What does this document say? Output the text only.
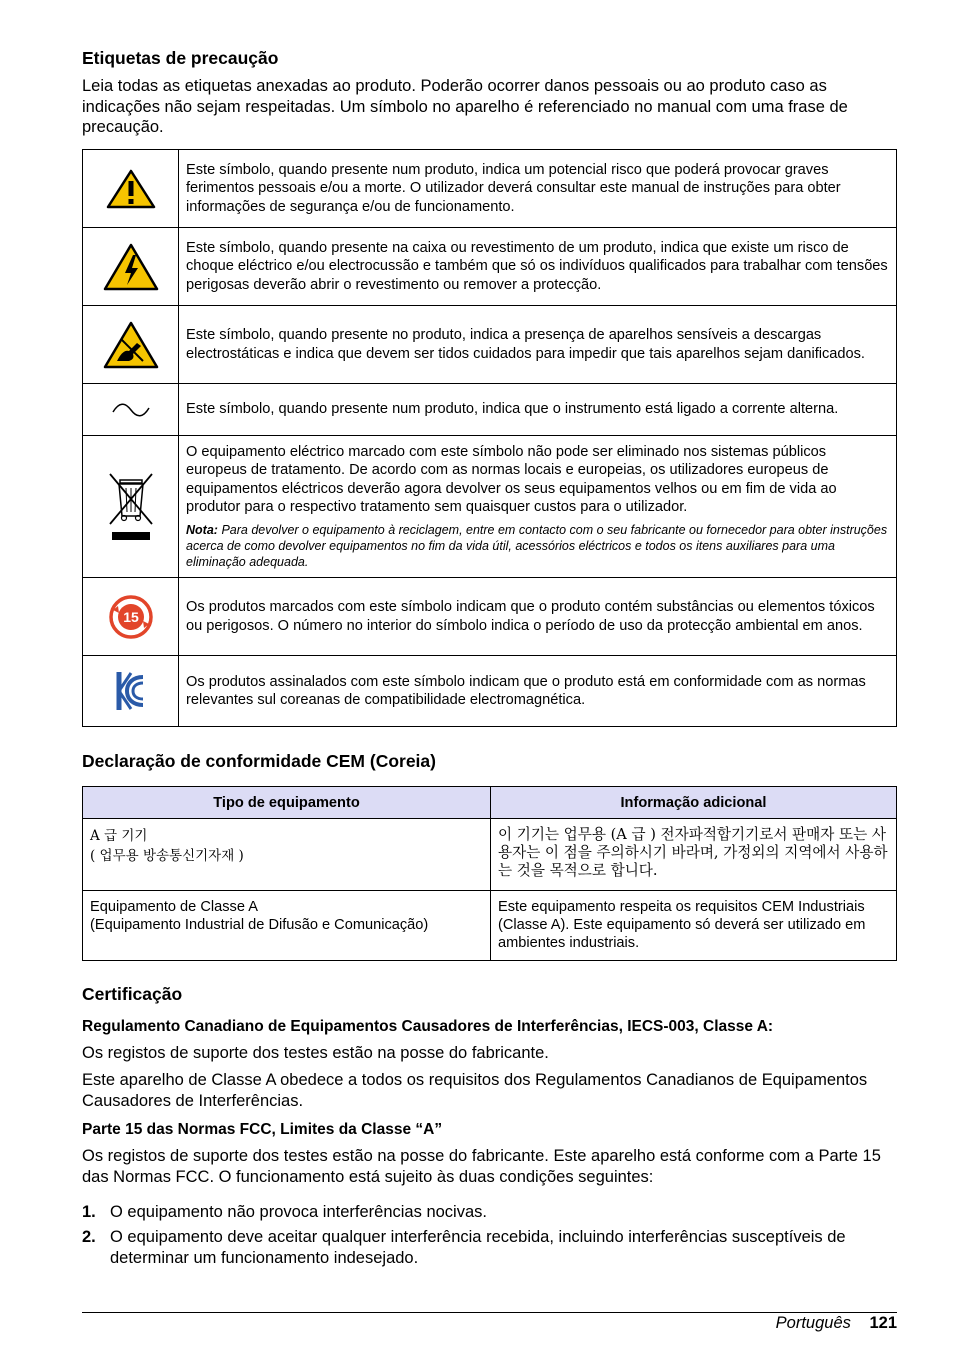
Etiquetas de precaução

Leia todas as etiquetas anexadas ao produto. Poderão ocorrer danos pessoais ou ao produto caso as indicações não sejam respeitadas. Um símbolo no aparelho é referenciado no manual com uma frase de precaução.

	Este símbolo, quando presente num produto, indica um potencial risco que poderá provocar graves ferimentos pessoais e/ou a morte. O utilizador deverá consultar este manual de instruções para obter informações de segurança e/ou de funcionamento.

	Este símbolo, quando presente na caixa ou revestimento de um produto, indica que existe um risco de choque eléctrico e/ou electrocussão e também que só os indivíduos qualificados para trabalhar com tensões perigosas deverão abrir o revestimento ou remover a protecção.

	Este símbolo, quando presente no produto, indica a presença de aparelhos sensíveis a descargas electrostáticas e indica que devem ser tidos cuidados para impedir que tais aparelhos sejam danificados.

	Este símbolo, quando presente num produto, indica que o instrumento está ligado a corrente alterna.

O equipamento eléctrico marcado com este símbolo não pode ser eliminado nos sistemas públicos europeus de tratamento. De acordo com as normas locais e europeias, os utilizadores europeus de equipamentos eléctricos deverão agora devolver os seus equipamentos velhos ou em fim de vida ao produtor para o respectivo tratamento sem quaisquer custos para o utilizador.
Nota: Para devolver o equipamento à reciclagem, entre em contacto com o seu fabricante ou fornecedor para obter instruções acerca de como devolver equipamentos no fim da vida útil, acessórios eléctricos e todos os itens auxiliares para uma eliminação adequada.

15	Os produtos marcados com este símbolo indicam que o produto contém substâncias ou elementos tóxicos ou perigosos. O número no interior do símbolo indica o período de uso da protecção ambiental em anos.

	Os produtos assinalados com este símbolo indicam que o produto está em conformidade com as normas relevantes sul coreanas de compatibilidade electromagnética.
Declaração de conformidade CEM (Coreia)
Tipo de equipamento	Informação adicional

A 급 기기
( 업무용 방송통신기자재 )	이 기기는 업무용 (A 급 ) 전자파적합기기로서 판매자 또는 사용자는 이 점을 주의하시기 바라며, 가정외의 지역에서 사용하는 것을 목적으로 합니다.

Equipamento de Classe A
(Equipamento Industrial de Difusão e Comunicação)	Este equipamento respeita os requisitos CEM Industriais (Classe A). Este equipamento só deverá ser utilizado em ambientes industriais.
Certificação

Regulamento Canadiano de Equipamentos Causadores de Interferências, IECS-003, Classe A:

Os registos de suporte dos testes estão na posse do fabricante.

Este aparelho de Classe A obedece a todos os requisitos dos Regulamentos Canadianos de Equipamentos Causadores de Interferências.

Parte 15 das Normas FCC, Limites da Classe “A”

Os registos de suporte dos testes estão na posse do fabricante. Este aparelho está conforme com a Parte 15 das Normas FCC. O funcionamento está sujeito às duas condições seguintes:

1. O equipamento não provoca interferências nocivas.
2. O equipamento deve aceitar qualquer interferência recebida, incluindo interferências susceptíveis de determinar um funcionamento indesejado.
Português 121
